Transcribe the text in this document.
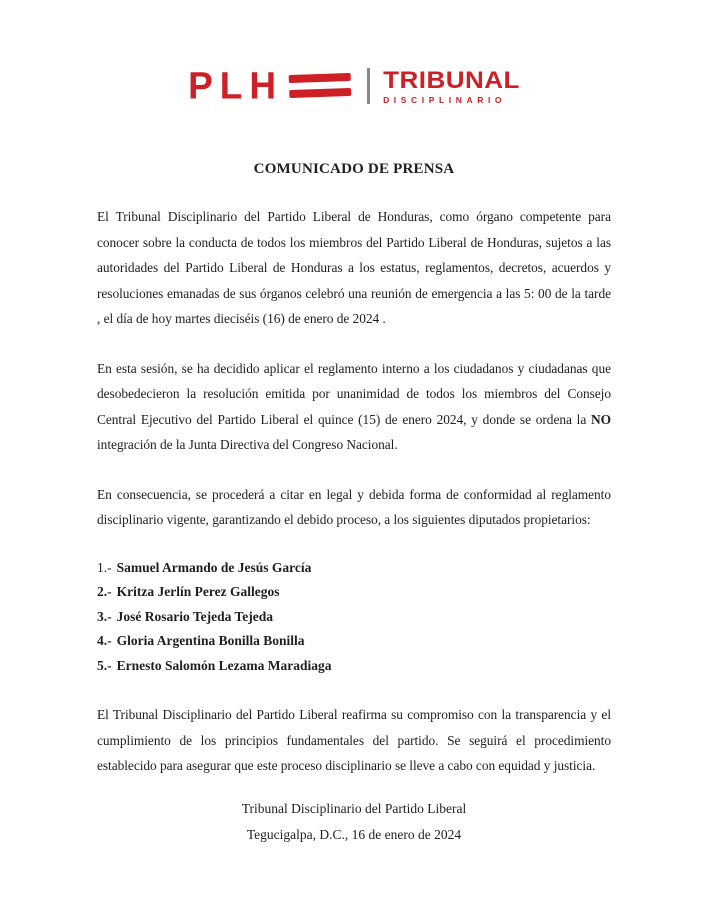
PLH	TRIBUNAL
DISCIPLINARIO
COMUNICADO DE PRENSA

El Tribunal Disciplinario del Partido Liberal de Honduras, como órgano competente para conocer sobre la conducta de todos los miembros del Partido Liberal de Honduras, sujetos a las autoridades del Partido Liberal de Honduras a los estatus, reglamentos, decretos, acuerdos y resoluciones emanadas de sus órganos celebró una reunión de emergencia a las 5: 00 de la tarde , el día de hoy martes dieciséis (16) de enero de 2024 .

En esta sesión, se ha decidido aplicar el reglamento interno a los ciudadanos y ciudadanas que desobedecieron la resolución emitida por unanimidad de todos los miembros del Consejo Central Ejecutivo del Partido Liberal el quince (15) de enero 2024, y donde se ordena la NO integración de la Junta Directiva del Congreso Nacional.

En consecuencia, se procederá a citar en legal y debida forma de conformidad al reglamento disciplinario vigente, garantizando el debido proceso, a los siguientes diputados propietarios:

1.- Samuel Armando de Jesús García
2.- Kritza Jerlín Perez Gallegos
3.- José Rosario Tejeda Tejeda
4.- Gloria Argentina Bonilla Bonilla
5.- Ernesto Salomón Lezama Maradiaga

El Tribunal Disciplinario del Partido Liberal reafirma su compromiso con la transparencia y el cumplimiento de los principios fundamentales del partido. Se seguirá el procedimiento establecido para asegurar que este proceso disciplinario se lleve a cabo con equidad y justicia.

Tribunal Disciplinario del Partido Liberal

Tegucigalpa, D.C., 16 de enero de 2024
